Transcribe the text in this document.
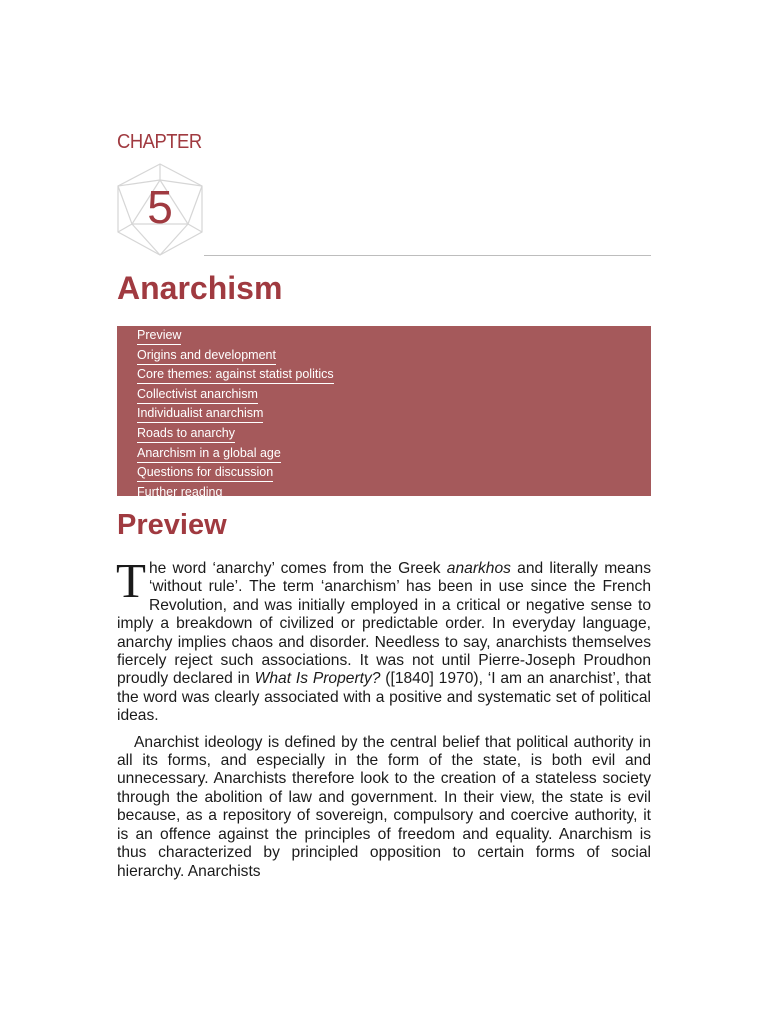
CHAPTER
5
Anarchism
Preview
Origins and development
Core themes: against statist politics
Collectivist anarchism
Individualist anarchism
Roads to anarchy
Anarchism in a global age
Questions for discussion
Further reading
Preview

The word ‘anarchy’ comes from the Greek anarkhos and literally means ‘without rule’. The term ‘anarchism’ has been in use since the French Revolution, and was initially employed in a critical or negative sense to imply a breakdown of civilized or predictable order. In everyday language, anarchy implies chaos and disorder. Needless to say, anarchists themselves fiercely reject such associations. It was not until Pierre-Joseph Proudhon proudly declared in What Is Property? ([1840] 1970), ‘I am an anarchist’, that the word was clearly associated with a positive and systematic set of political ideas.

Anarchist ideology is defined by the central belief that political authority in all its forms, and especially in the form of the state, is both evil and unnecessary. Anarchists therefore look to the creation of a stateless society through the abolition of law and government. In their view, the state is evil because, as a repository of sovereign, compulsory and coercive authority, it is an offence against the principles of freedom and equality. Anarchism is thus characterized by principled opposition to certain forms of social hierarchy. Anarchists
